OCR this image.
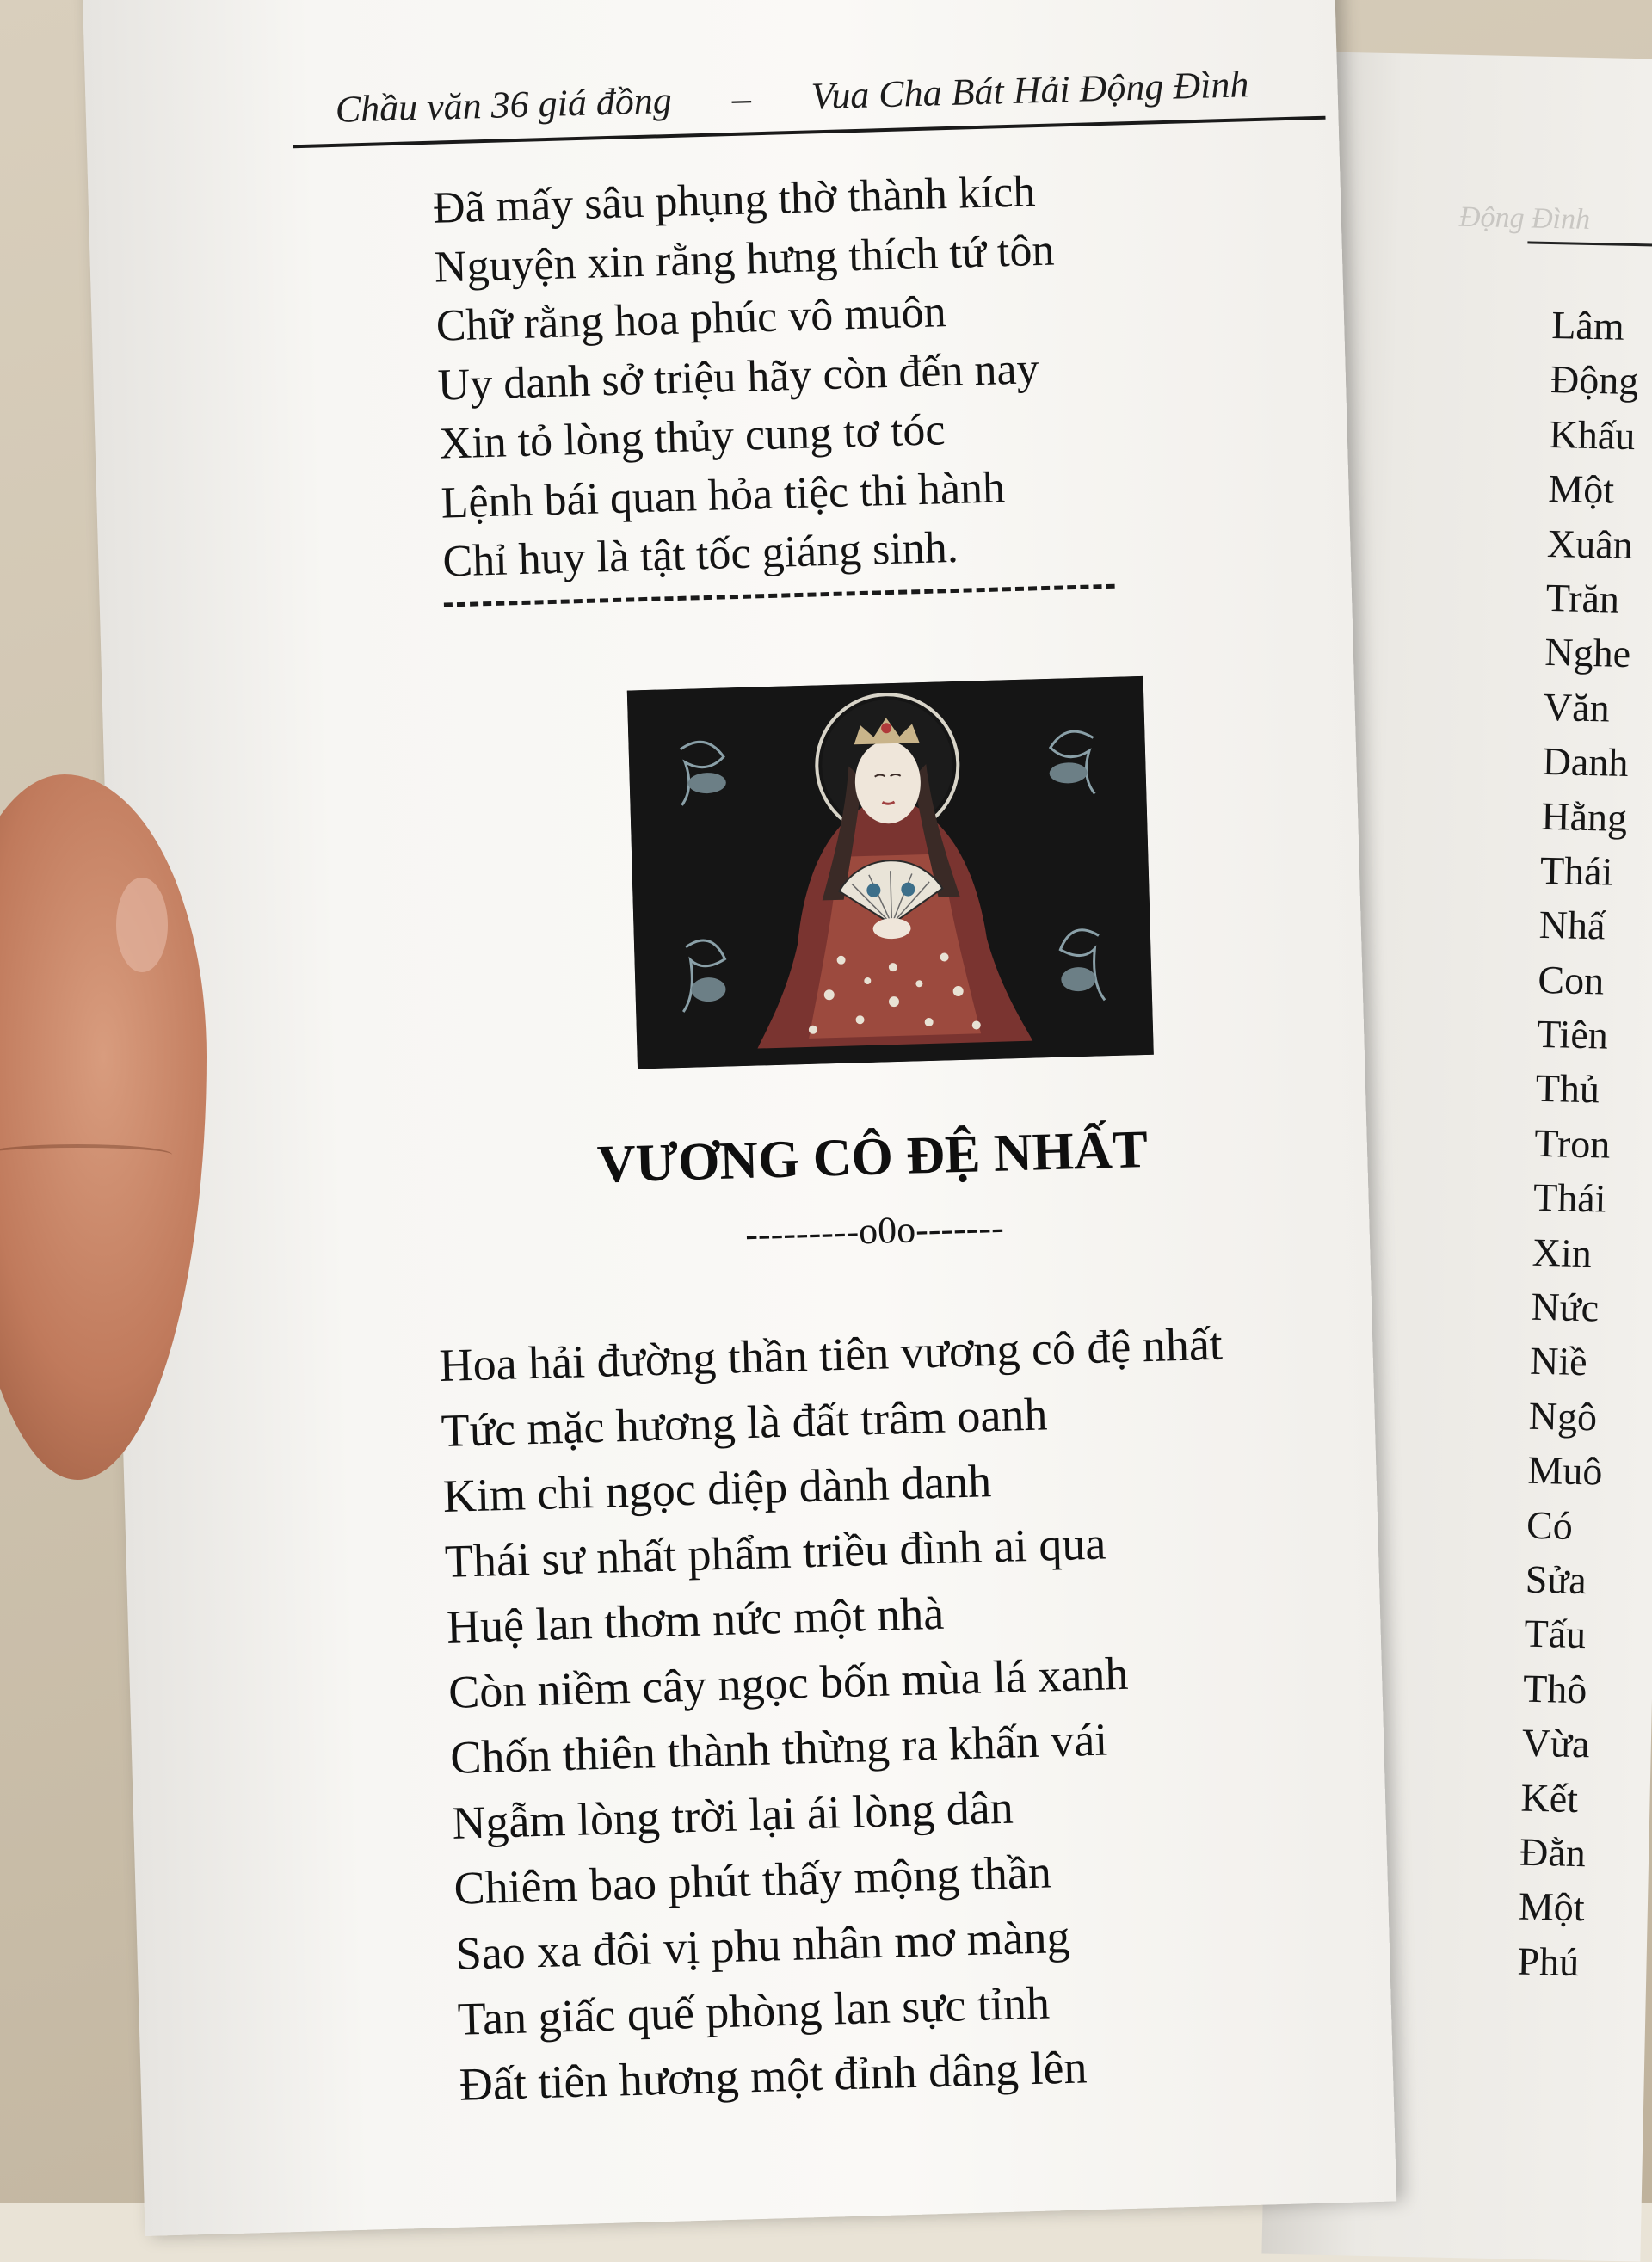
Động Đình
Lâm
Động
Khấu
Một
Xuân
Trăn
Nghe
Văn
Danh
Hằng
Thái
Nhấ
Con
Tiên
Thủ
Tron
Thái
Xin
Nức
Niề
Ngô
Muô
Có
Sửa
Tấu
Thô
Vừa
Kết
Đằn
Một
Phú
Chầu văn 36 giá đồng – Vua Cha Bát Hải Động Đình
Đã mấy sâu phụng thờ thành kích
Nguyện xin rằng hưng thích tứ tôn
Chữ rằng hoa phúc vô muôn
Uy danh sở triệu hãy còn đến nay
Xin tỏ lòng thủy cung tơ tóc
Lệnh bái quan hỏa tiệc thi hành
Chỉ huy là tật tốc giáng sinh.
VƯƠNG CÔ ĐỆ NHẤT
---------o0o-------
Hoa hải đường thần tiên vương cô đệ nhất
Tức mặc hương là đất trâm oanh
Kim chi ngọc diệp dành danh
Thái sư nhất phẩm triều đình ai qua
Huệ lan thơm nức một nhà
Còn niềm cây ngọc bốn mùa lá xanh
Chốn thiên thành thừng ra khấn vái
Ngẫm lòng trời lại ái lòng dân
Chiêm bao phút thấy mộng thần
Sao xa đôi vị phu nhân mơ màng
Tan giấc quế phòng lan sực tỉnh
Đất tiên hương một đỉnh dâng lên
